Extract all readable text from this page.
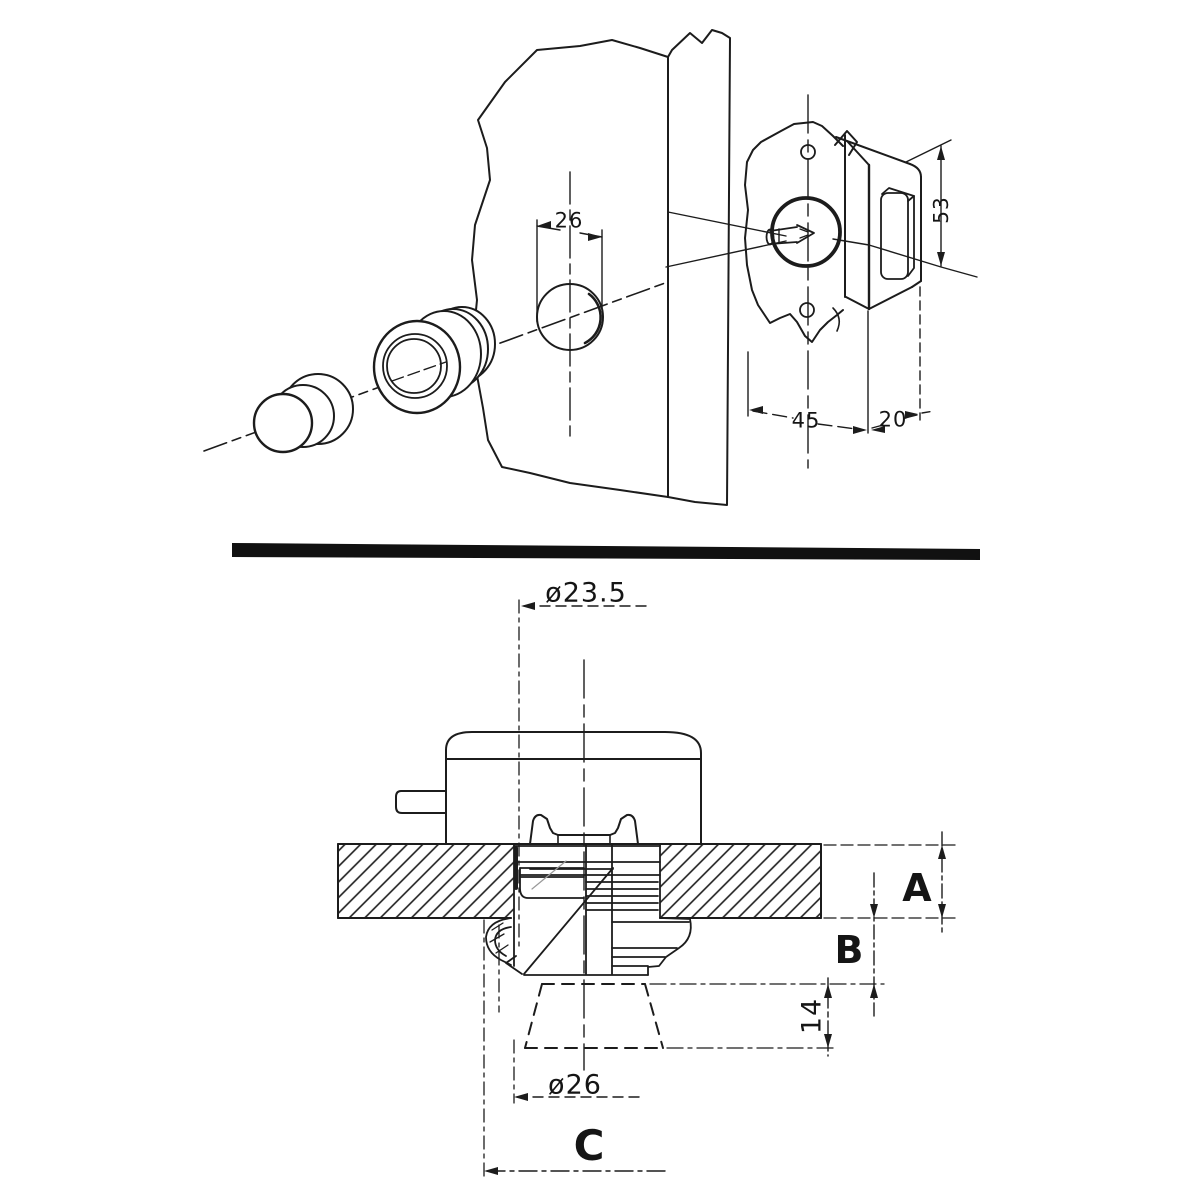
26
45	20
53
ø23.5
ø26
14
A
B
C
